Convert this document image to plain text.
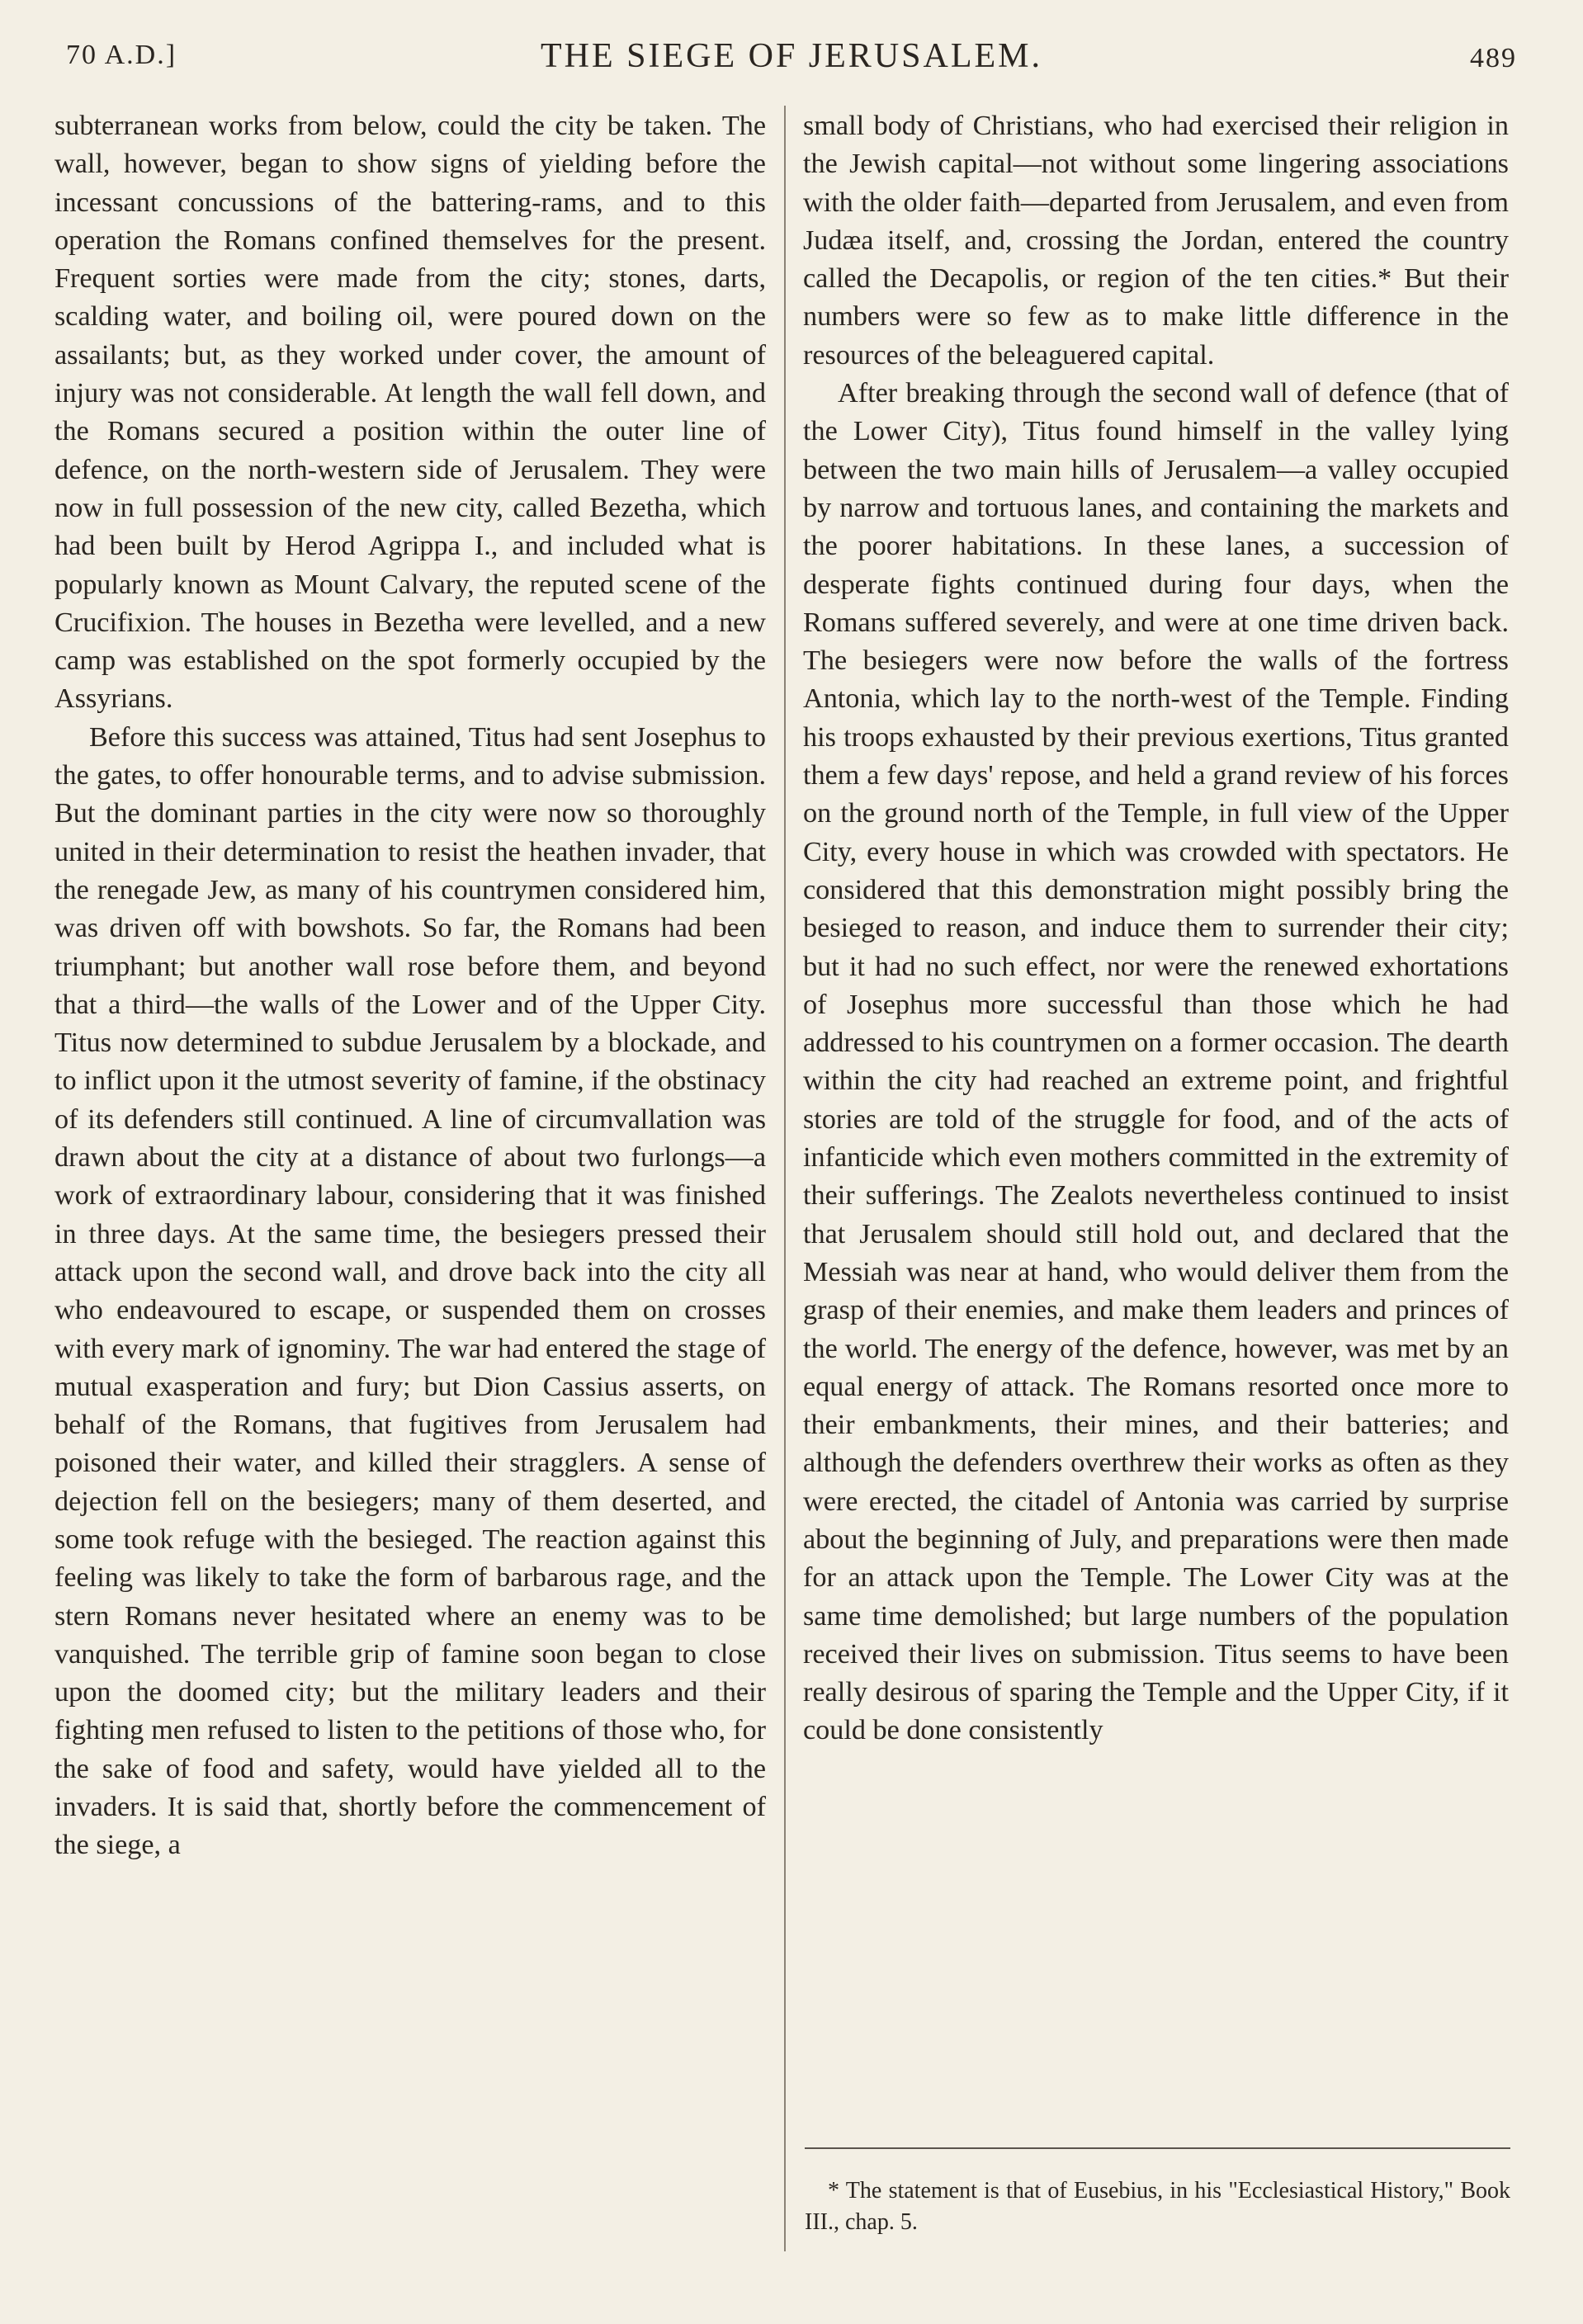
70 A.D.]	THE SIEGE OF JERUSALEM.	489

subterranean works from below, could the city be taken. The wall, however, began to show signs of yielding before the incessant concussions of the battering-rams, and to this operation the Romans confined themselves for the present. Frequent sorties were made from the city; stones, darts, scalding water, and boiling oil, were poured down on the assailants; but, as they worked under cover, the amount of injury was not considerable. At length the wall fell down, and the Romans secured a position within the outer line of defence, on the north-western side of Jerusalem. They were now in full possession of the new city, called Bezetha, which had been built by Herod Agrippa I., and included what is popularly known as Mount Calvary, the reputed scene of the Crucifixion. The houses in Bezetha were levelled, and a new camp was established on the spot formerly occupied by the Assyrians.

Before this success was attained, Titus had sent Josephus to the gates, to offer honourable terms, and to advise submission. But the dominant parties in the city were now so thoroughly united in their determination to resist the heathen invader, that the renegade Jew, as many of his countrymen considered him, was driven off with bowshots. So far, the Romans had been triumphant; but another wall rose before them, and beyond that a third—the walls of the Lower and of the Upper City. Titus now determined to subdue Jerusalem by a blockade, and to inflict upon it the utmost severity of famine, if the obstinacy of its defenders still continued. A line of circumvallation was drawn about the city at a distance of about two furlongs—a work of extraordinary labour, considering that it was finished in three days. At the same time, the besiegers pressed their attack upon the second wall, and drove back into the city all who endeavoured to escape, or suspended them on crosses with every mark of ignominy. The war had entered the stage of mutual exasperation and fury; but Dion Cassius asserts, on behalf of the Romans, that fugitives from Jerusalem had poisoned their water, and killed their stragglers. A sense of dejection fell on the besiegers; many of them deserted, and some took refuge with the besieged. The reaction against this feeling was likely to take the form of barbarous rage, and the stern Romans never hesitated where an enemy was to be vanquished. The terrible grip of famine soon began to close upon the doomed city; but the military leaders and their fighting men refused to listen to the petitions of those who, for the sake of food and safety, would have yielded all to the invaders. It is said that, shortly before the commencement of the siege, a

small body of Christians, who had exercised their religion in the Jewish capital—not without some lingering associations with the older faith—departed from Jerusalem, and even from Judæa itself, and, crossing the Jordan, entered the country called the Decapolis, or region of the ten cities.* But their numbers were so few as to make little difference in the resources of the beleaguered capital.

After breaking through the second wall of defence (that of the Lower City), Titus found himself in the valley lying between the two main hills of Jerusalem—a valley occupied by narrow and tortuous lanes, and containing the markets and the poorer habitations. In these lanes, a succession of desperate fights continued during four days, when the Romans suffered severely, and were at one time driven back. The besiegers were now before the walls of the fortress Antonia, which lay to the north-west of the Temple. Finding his troops exhausted by their previous exertions, Titus granted them a few days' repose, and held a grand review of his forces on the ground north of the Temple, in full view of the Upper City, every house in which was crowded with spectators. He considered that this demonstration might possibly bring the besieged to reason, and induce them to surrender their city; but it had no such effect, nor were the renewed exhortations of Josephus more successful than those which he had addressed to his countrymen on a former occasion. The dearth within the city had reached an extreme point, and frightful stories are told of the struggle for food, and of the acts of infanticide which even mothers committed in the extremity of their sufferings. The Zealots nevertheless continued to insist that Jerusalem should still hold out, and declared that the Messiah was near at hand, who would deliver them from the grasp of their enemies, and make them leaders and princes of the world. The energy of the defence, however, was met by an equal energy of attack. The Romans resorted once more to their embankments, their mines, and their batteries; and although the defenders overthrew their works as often as they were erected, the citadel of Antonia was carried by surprise about the beginning of July, and preparations were then made for an attack upon the Temple. The Lower City was at the same time demolished; but large numbers of the population received their lives on submission. Titus seems to have been really desirous of sparing the Temple and the Upper City, if it could be done consistently

* The statement is that of Eusebius, in his "Ecclesiastical History," Book III., chap. 5.
